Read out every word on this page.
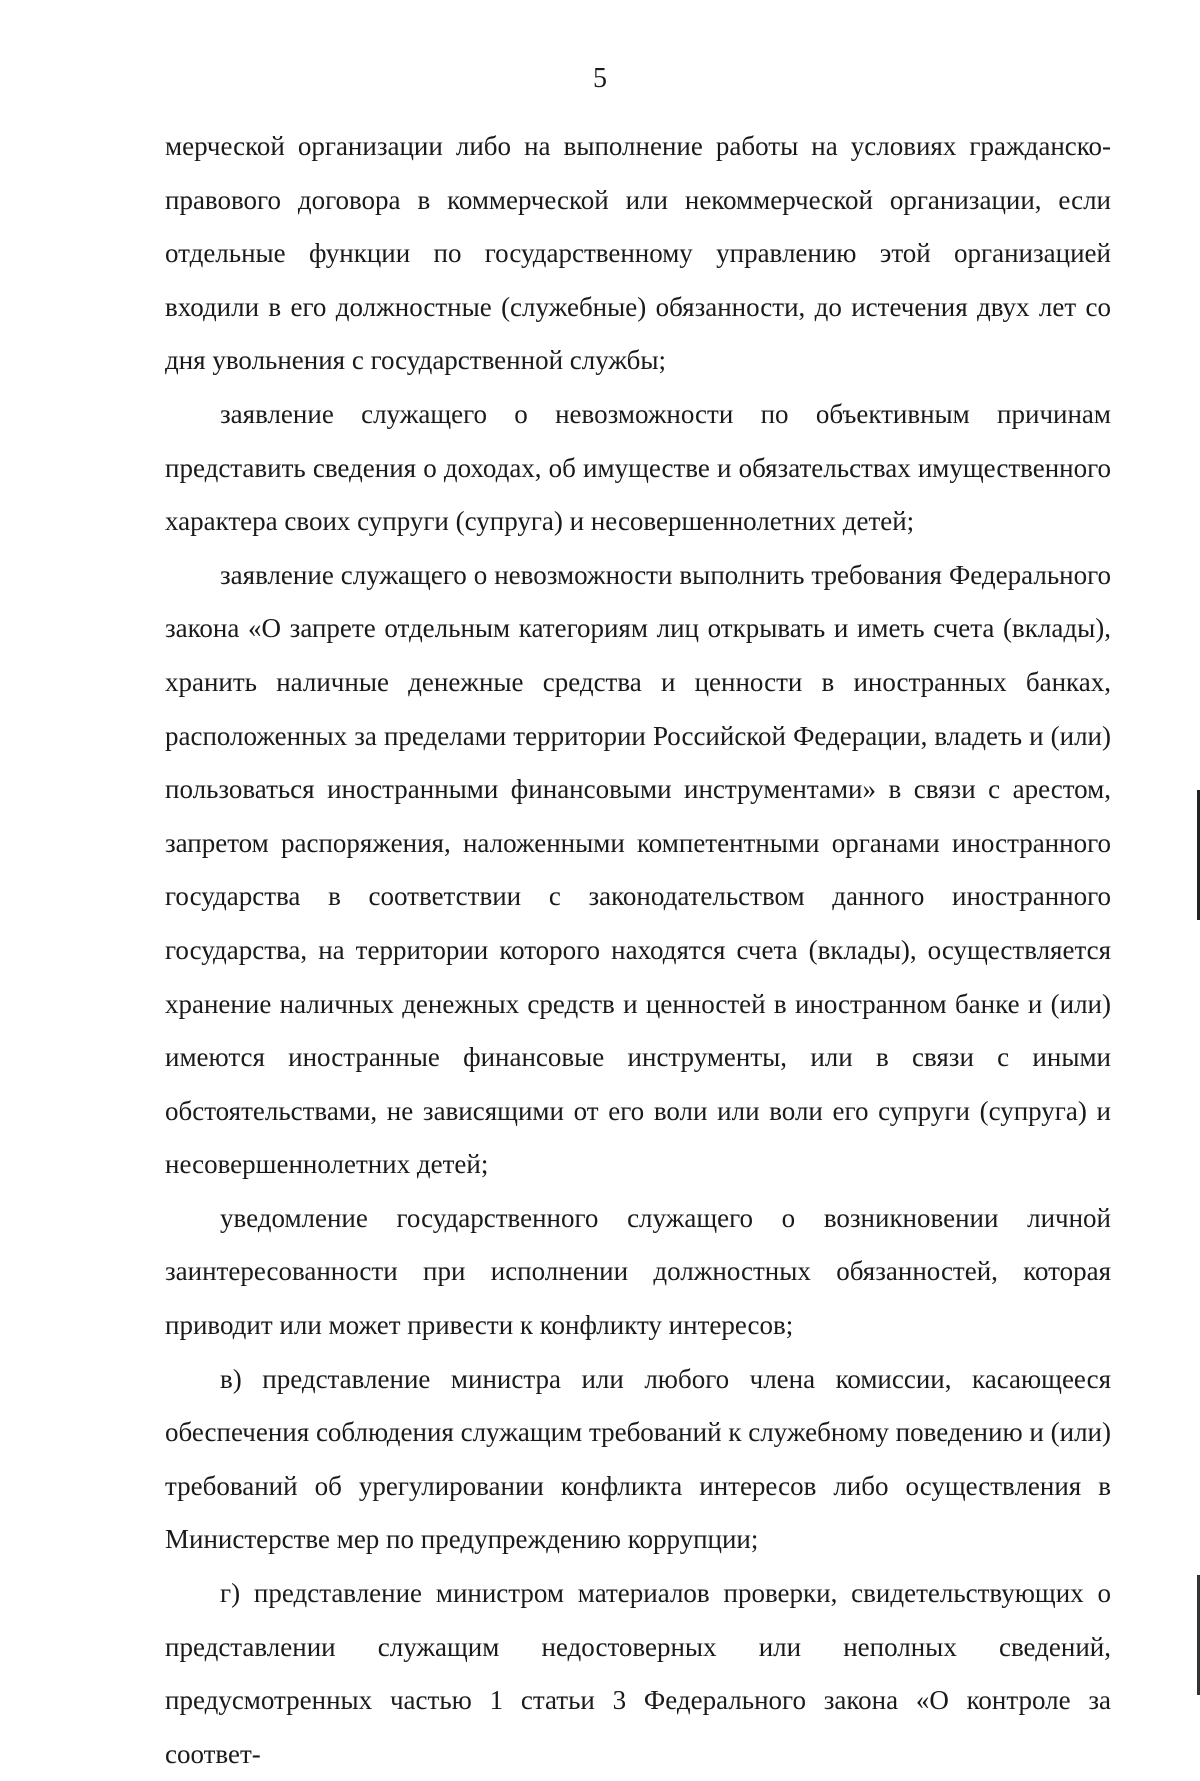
5

мерческой организации либо на выполнение работы на условиях гражданско-правового договора в коммерческой или некоммерческой организации, если отдельные функции по государственному управлению этой организацией входили в его должностные (служебные) обязанности, до истечения двух лет со дня увольнения с государственной службы;

заявление служащего о невозможности по объективным причинам представить сведения о доходах, об имуществе и обязательствах имущественного характера своих супруги (супруга) и несовершеннолетних детей;

заявление служащего о невозможности выполнить требования Федерального закона «О запрете отдельным категориям лиц открывать и иметь счета (вклады), хранить наличные денежные средства и ценности в иностранных банках, расположенных за пределами территории Российской Федерации, владеть и (или) пользоваться иностранными финансовыми инструментами» в связи с арестом, запретом распоряжения, наложенными компетентными органами иностранного государства в соответствии с законодательством данного иностранного государства, на территории которого находятся счета (вклады), осуществляется хранение наличных денежных средств и ценностей в иностранном банке и (или) имеются иностранные финансовые инструменты, или в связи с иными обстоятельствами, не зависящими от его воли или воли его супруги (супруга) и несовершеннолетних детей;

уведомление государственного служащего о возникновении личной заинтересованности при исполнении должностных обязанностей, которая приводит или может привести к конфликту интересов;

в) представление министра или любого члена комиссии, касающееся обеспечения соблюдения служащим требований к служебному поведению и (или) требований об урегулировании конфликта интересов либо осуществления в Министерстве мер по предупреждению коррупции;

г) представление министром материалов проверки, свидетельствующих о представлении служащим недостоверных или неполных сведений, предусмотренных частью 1 статьи 3 Федерального закона «О контроле за соответ-
